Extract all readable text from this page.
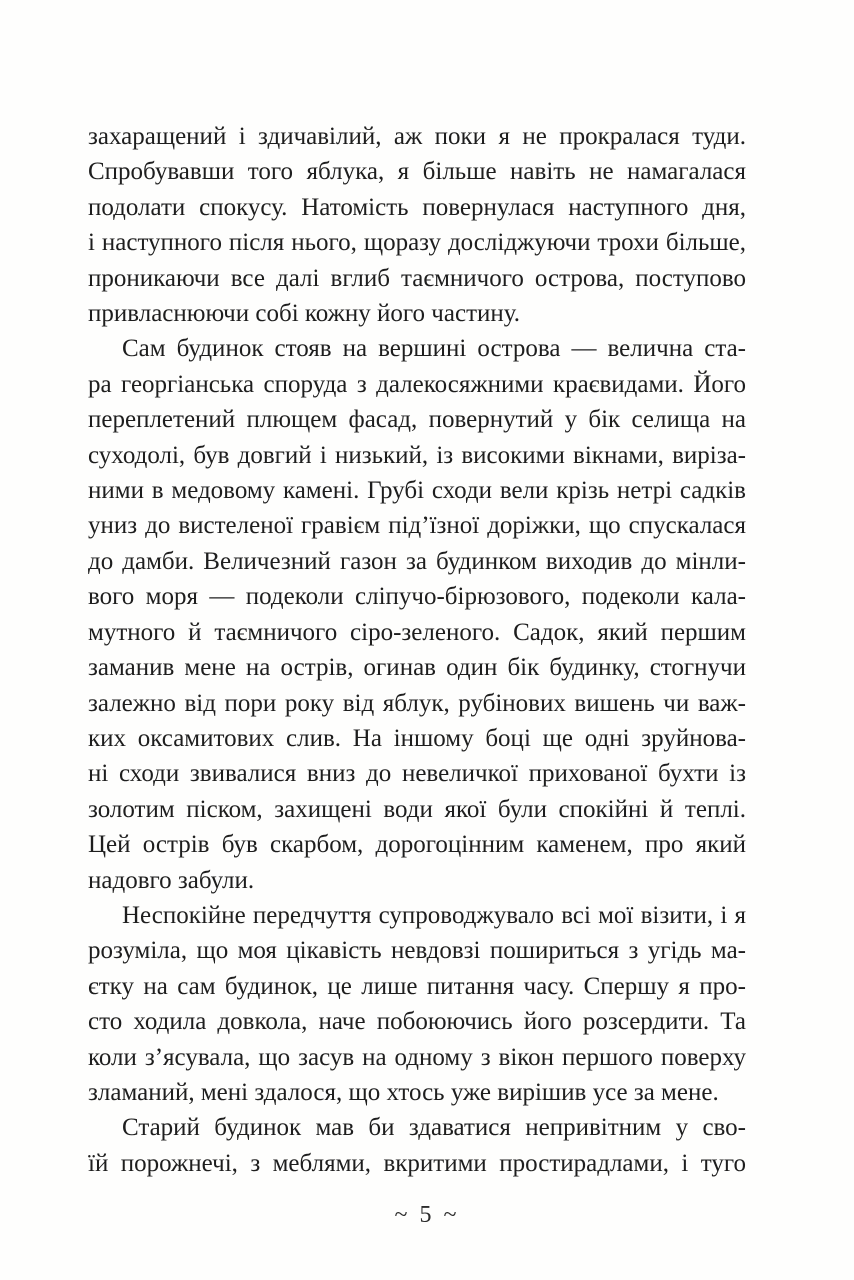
захаращений і здичавілий, аж поки я не прокралася туди.
Спробувавши того яблука, я більше навіть не намагалася
подолати спокусу. Натомість повернулася наступного дня,
і наступного після нього, щоразу досліджуючи трохи більше,
проникаючи все далі вглиб таємничого острова, поступово
привласнюючи собі кожну його частину.
Сам будинок стояв на вершині острова — велична ста-
ра георгіанська споруда з далекосяжними краєвидами. Його
переплетений плющем фасад, повернутий у бік селища на
суходолі, був довгий і низький, із високими вікнами, виріза-
ними в медовому камені. Грубі сходи вели крізь нетрі садків
униз до вистеленої гравієм під’їзної доріжки, що спускалася
до дамби. Величезний газон за будинком виходив до мінли-
вого моря — подеколи сліпучо-бірюзового, подеколи кала-
мутного й таємничого сіро-зеленого. Садок, який першим
заманив мене на острів, огинав один бік будинку, стогнучи
залежно від пори року від яблук, рубінових вишень чи важ-
ких оксамитових слив. На іншому боці ще одні зруйнова-
ні сходи звивалися вниз до невеличкої прихованої бухти із
золотим піском, захищені води якої були спокійні й теплі.
Цей острів був скарбом, дорогоцінним каменем, про який
надовго забули.
Неспокійне передчуття супроводжувало всі мої візити, і я
розуміла, що моя цікавість невдовзі пошириться з угідь ма-
єтку на сам будинок, це лише питання часу. Спершу я про-
сто ходила довкола, наче побоюючись його розсердити. Та
коли з’ясувала, що засув на одному з вікон першого поверху
зламаний, мені здалося, що хтось уже вирішив усе за мене.
Старий будинок мав би здаватися непривітним у сво-
їй порожнечі, з меблями, вкритими простирадлами, і туго
~ 5 ~
